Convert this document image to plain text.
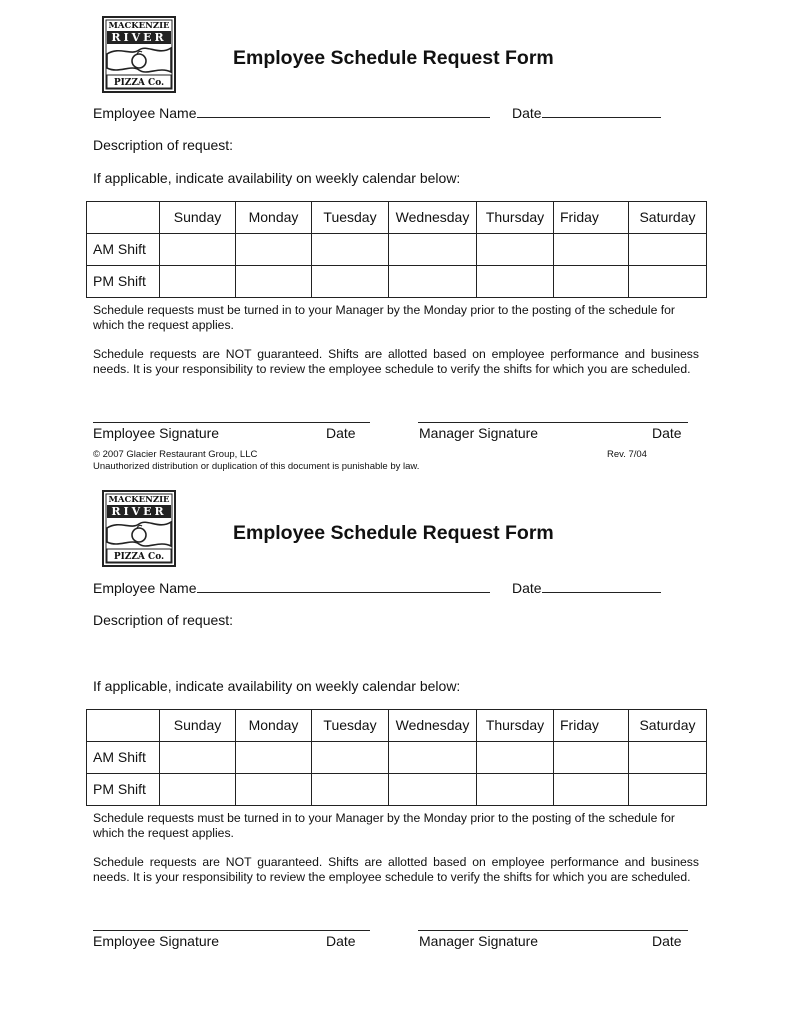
MACKENZIE
RIVER
PIZZA Co.
Employee Schedule Request Form
Employee Name	Date
Description of request:
If applicable, indicate availability on weekly calendar below:
	Sunday	Monday	Tuesday	Wednesday	Thursday	Friday	Saturday
AM Shift							
PM Shift							
Schedule requests must be turned in to your Manager by the Monday prior to the posting of the schedule for which the request applies.
Schedule requests are NOT guaranteed. Shifts are allotted based on employee performance and business needs. It is your responsibility to review the employee schedule to verify the shifts for which you are scheduled.
Employee Signature	Date	Manager Signature	Date
© 2007 Glacier Restaurant Group, LLC	Rev. 7/04
Unauthorized distribution or duplication of this document is punishable by law.
MACKENZIE
RIVER
PIZZA Co.
Employee Schedule Request Form
Employee Name	Date
Description of request:
If applicable, indicate availability on weekly calendar below:
	Sunday	Monday	Tuesday	Wednesday	Thursday	Friday	Saturday
AM Shift							
PM Shift							
Schedule requests must be turned in to your Manager by the Monday prior to the posting of the schedule for which the request applies.
Schedule requests are NOT guaranteed. Shifts are allotted based on employee performance and business needs. It is your responsibility to review the employee schedule to verify the shifts for which you are scheduled.
Employee Signature	Date	Manager Signature	Date
